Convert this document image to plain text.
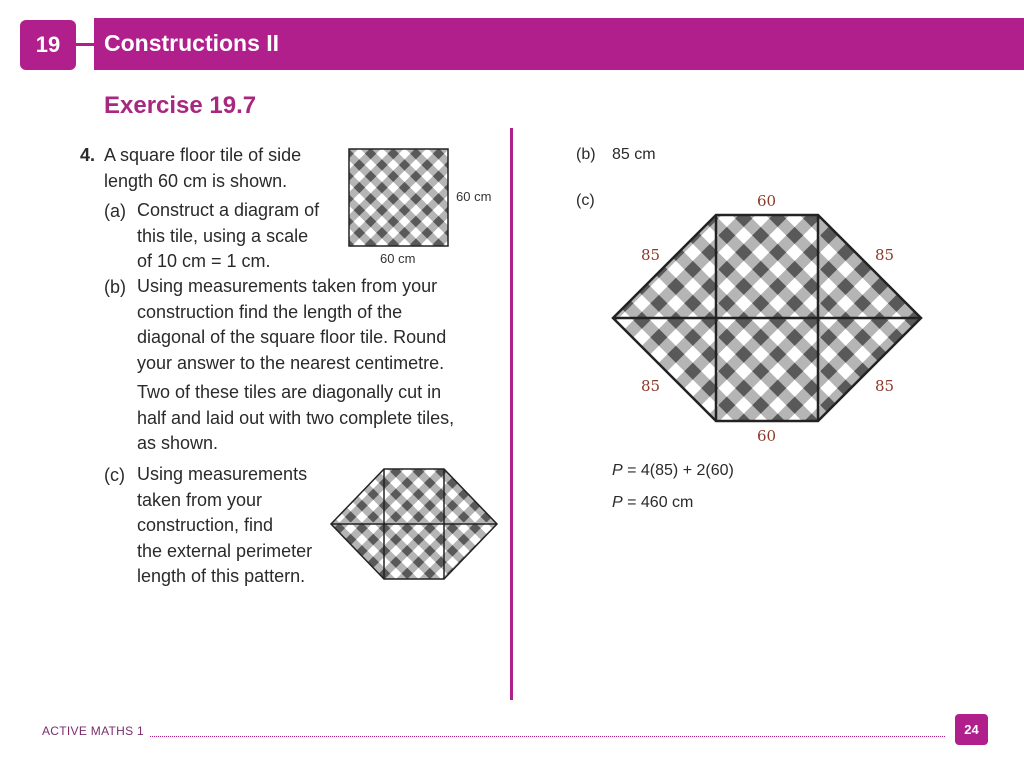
19	Constructions II
Exercise 19.7
4. A square floor tile of side
length 60 cm is shown.
(a) Construct a diagram of
this tile, using a scale
of 10 cm = 1 cm.
(b) Using measurements taken from your
construction find the length of the
diagonal of the square floor tile. Round
your answer to the nearest centimetre.
Two of these tiles are diagonally cut in
half and laid out with two complete tiles,
as shown.
(c) Using measurements
taken from your
construction, find
the external perimeter
length of this pattern.
60 cm
60 cm
(b) 85 cm
(c)	60
85	85
85	85
60
P = 4(85) + 2(60)
P = 460 cm
ACTIVE MATHS 1	24
